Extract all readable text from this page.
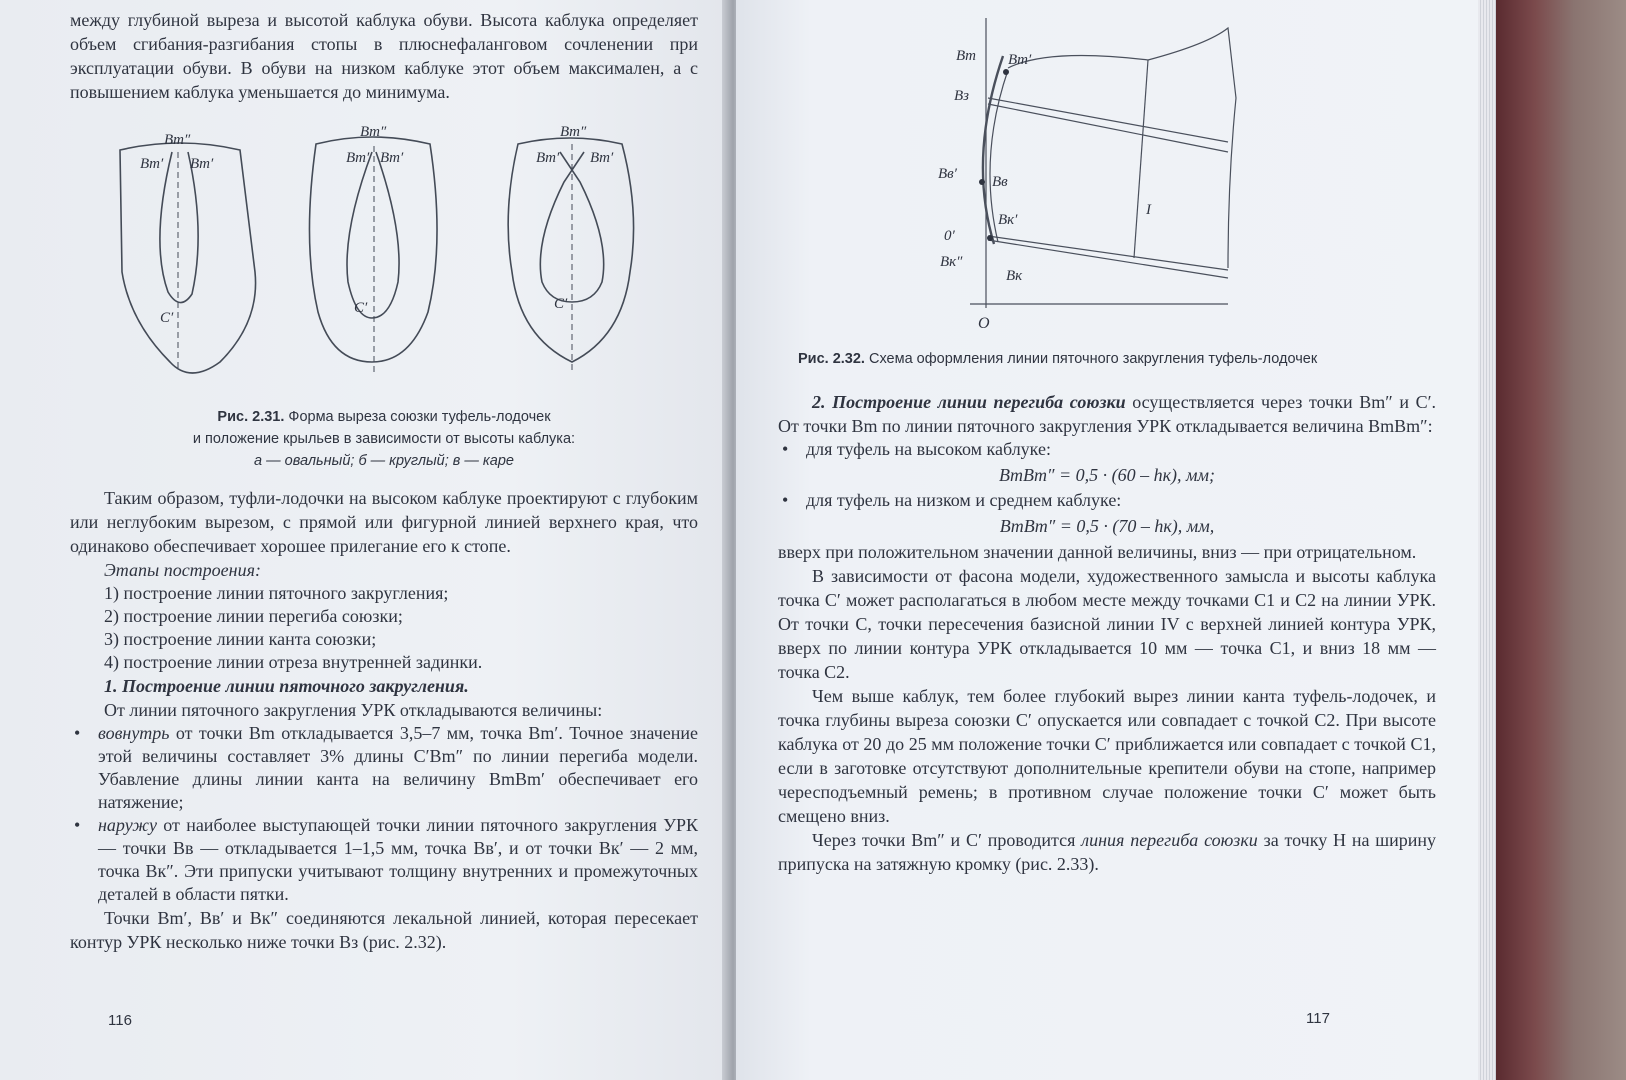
между глубиной выреза и высотой каблука обуви. Высота каблука определяет объем сгибания-разгибания стопы в плюснефаланговом сочленении при эксплуатации обуви. В обуви на низком каблуке этот объем максимален, а с повышением каблука уменьшается до минимума.

Bm″
Bm′ Bm′
C′
Bm″
Bm′ Bm′
C′
Bm″
Bm′ Bm′
C′
Рис. 2.31. Форма выреза союзки туфель-лодочек
и положение крыльев в зависимости от высоты каблука:
а — овальный; б — круглый; в — каре

Таким образом, туфли-лодочки на высоком каблуке проектируют с глубоким или неглубоким вырезом, с прямой или фигурной линией верхнего края, что одинаково обеспечивает хорошее прилегание его к стопе.

Этапы построения:

1) построение линии пяточного закругления;
2) построение линии перегиба союзки;
3) построение линии канта союзки;
4) построение линии отреза внутренней задинки.

1. Построение линии пяточного закругления.

От линии пяточного закругления УРК откладываются величины:

• вовнутрь от точки Bm откладывается 3,5–7 мм, точка Bm′. Точное значение этой величины составляет 3% длины C′Bm″ по линии перегиба модели. Убавление длины линии канта на величину BmBm′ обеспечивает его натяжение;
• наружу от наиболее выступающей точки линии пяточного закругления УРК — точки Bв — откладывается 1–1,5 мм, точка Bв′, и от точки Bк′ — 2 мм, точка Bк″. Эти припуски учитывают толщину внутренних и промежуточных деталей в области пятки.

Точки Bm′, Bв′ и Bк″ соединяются лекальной линией, которая пересекает контур УРК несколько ниже точки Bз (рис. 2.32).

116
Bm Bm′
Bз
Bв′ Bв
Bк′
0′
Bк″
Bк
O
I
Рис. 2.32. Схема оформления линии пяточного закругления туфель-лодочек

2. Построение линии перегиба союзки осуществляется через точки Bm″ и C′. От точки Bm по линии пяточного закругления УРК откладывается величина BmBm″:

• для туфель на высоком каблуке:
BmBm″ = 0,5 · (60 – hк), мм;
• для туфель на низком и среднем каблуке:
BmBm″ = 0,5 · (70 – hк), мм,

вверх при положительном значении данной величины, вниз — при отрицательном.

В зависимости от фасона модели, художественного замысла и высоты каблука точка C′ может располагаться в любом месте между точками C1 и C2 на линии УРК. От точки C, точки пересечения базисной линии IV с верхней линией контура УРК, вверх по линии контура УРК откладывается 10 мм — точка C1, и вниз 18 мм — точка C2.

Чем выше каблук, тем более глубокий вырез линии канта туфель-лодочек, и точка глубины выреза союзки C′ опускается или совпадает с точкой C2. При высоте каблука от 20 до 25 мм положение точки C′ приближается или совпадает с точкой C1, если в заготовке отсутствуют дополнительные крепители обуви на стопе, например чересподъемный ремень; в противном случае положение точки C′ может быть смещено вниз.

Через точки Bm″ и C′ проводится линия перегиба союзки за точку H на ширину припуска на затяжную кромку (рис. 2.33).

117
